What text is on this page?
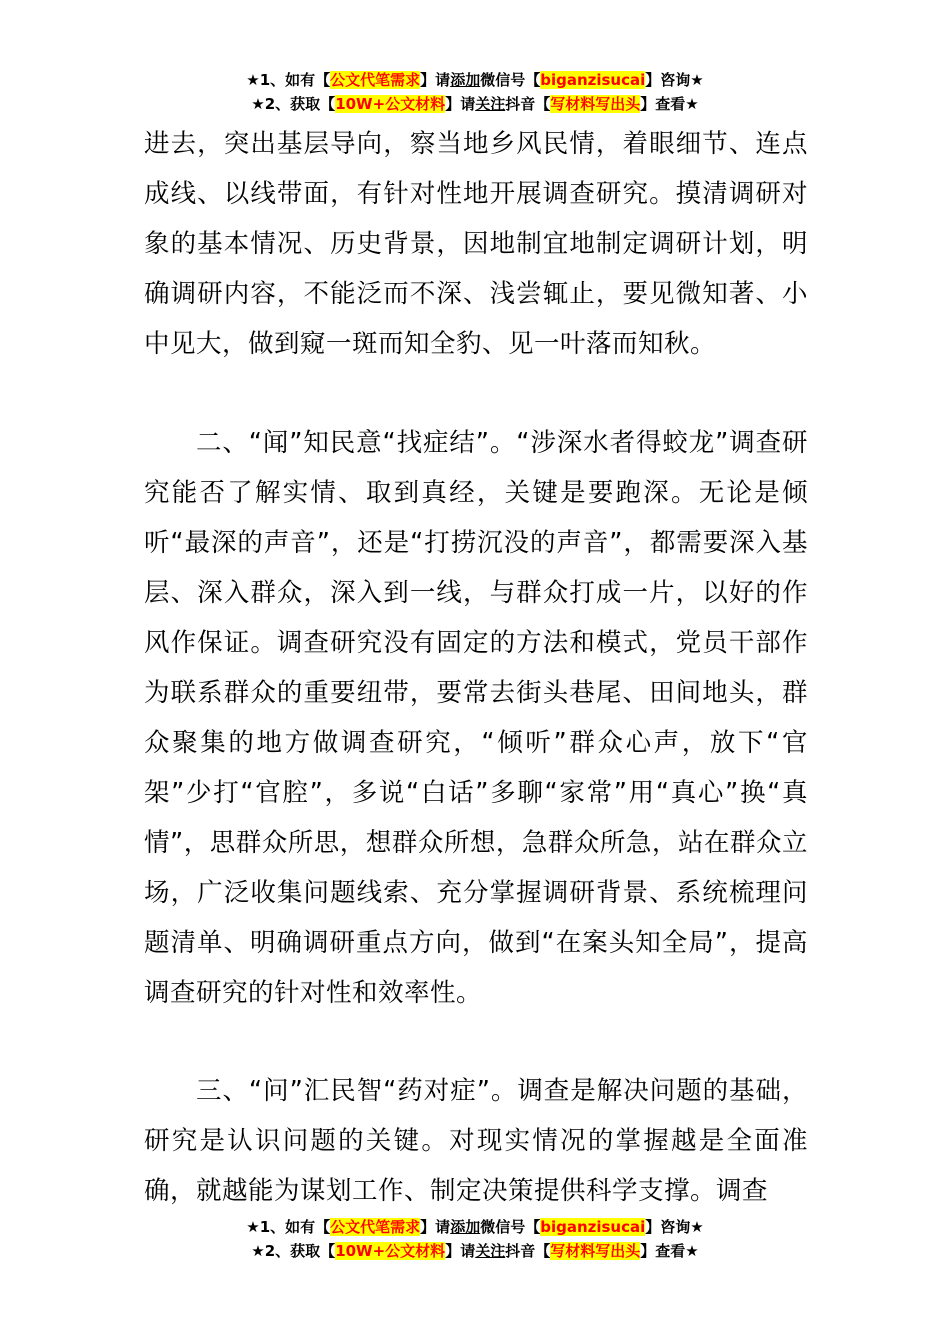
★1、如有【公文代笔需求】请添加微信号【biganzisucai】咨询★
★2、获取【10W+公文材料】请关注抖音【写材料写出头】查看★

进去，突出基层导向，察当地乡风民情，着眼细节、连点成线、以线带面，有针对性地开展调查研究。摸清调研对象的基本情况、历史背景，因地制宜地制定调研计划，明确调研内容，不能泛而不深、浅尝辄止，要见微知著、小中见大，做到窥一斑而知全豹、见一叶落而知秋。

二、“闻”知民意“找症结”。“涉深水者得蛟龙”调查研究能否了解实情、取到真经，关键是要跑深。无论是倾听“最深的声音”，还是“打捞沉没的声音”，都需要深入基层、深入群众，深入到一线，与群众打成一片，以好的作风作保证。调查研究没有固定的方法和模式，党员干部作为联系群众的重要纽带，要常去街头巷尾、田间地头，群众聚集的地方做调查研究，“倾听”群众心声，放下“官架”少打“官腔”，多说“白话”多聊“家常”用“真心”换“真情”，思群众所思，想群众所想，急群众所急，站在群众立场，广泛收集问题线索、充分掌握调研背景、系统梳理问题清单、明确调研重点方向，做到“在案头知全局”，提高调查研究的针对性和效率性。

三、“问”汇民智“药对症”。调查是解决问题的基础，研究是认识问题的关键。对现实情况的掌握越是全面准确，就越能为谋划工作、制定决策提供科学支撑。调查

★1、如有【公文代笔需求】请添加微信号【biganzisucai】咨询★
★2、获取【10W+公文材料】请关注抖音【写材料写出头】查看★
